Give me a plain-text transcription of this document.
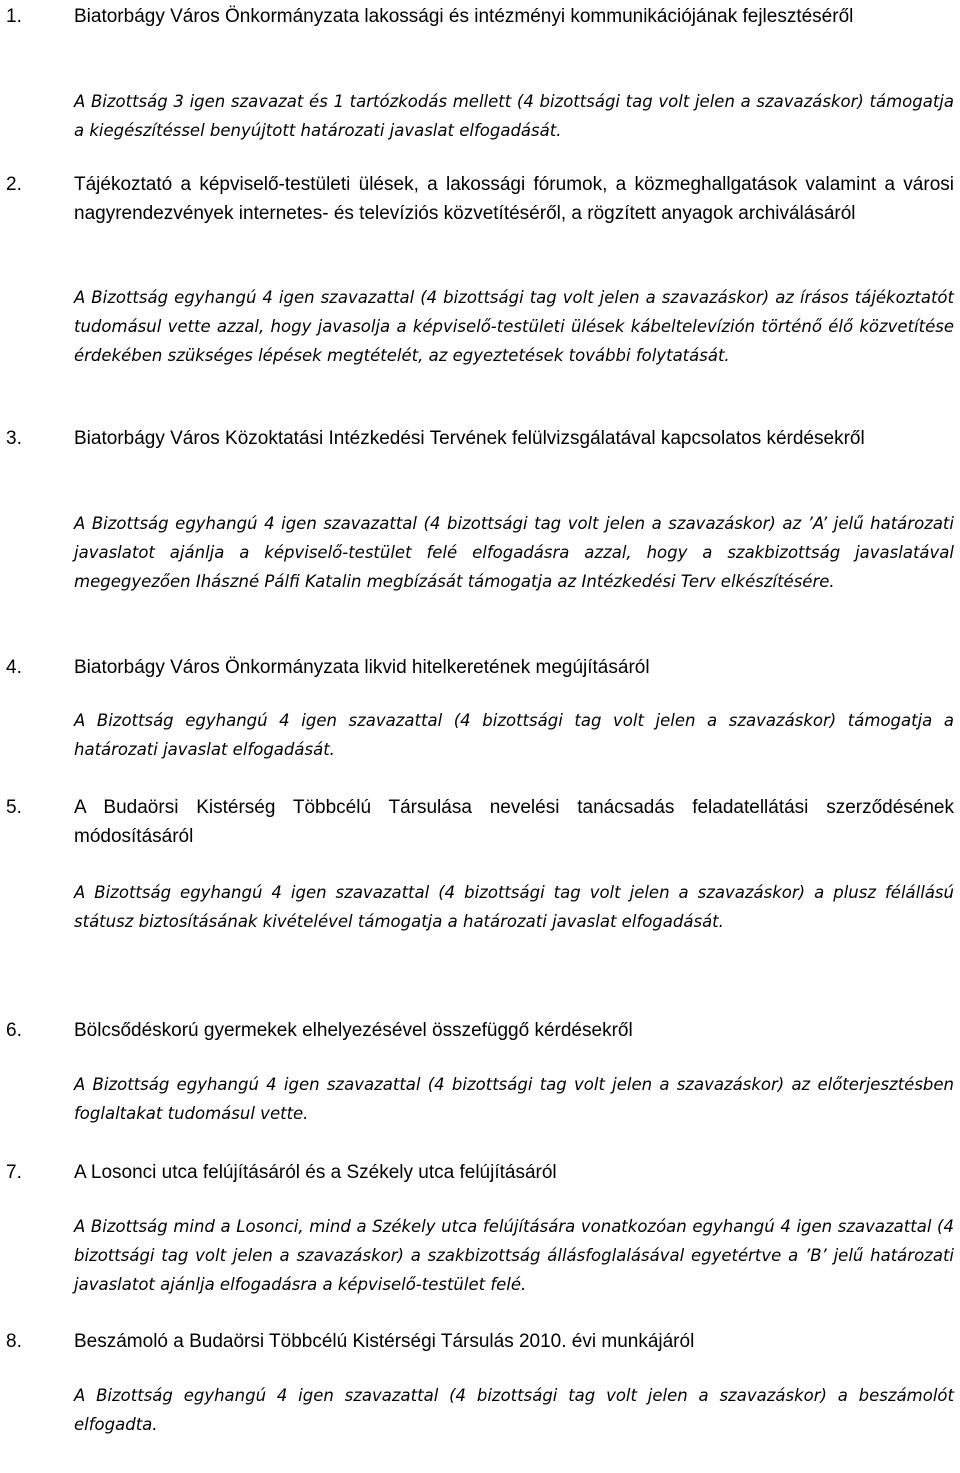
1.	Biatorbágy Város Önkormányzata lakossági és intézményi kommunikációjának fejlesztéséről
A Bizottság 3 igen szavazat és 1 tartózkodás mellett (4 bizottsági tag volt jelen a szavazáskor) támogatja a kiegészítéssel benyújtott határozati javaslat elfogadását.
2.	Tájékoztató a képviselő-testületi ülések, a lakossági fórumok, a közmeghallgatások valamint a városi nagyrendezvények internetes- és televíziós közvetítéséről, a rögzített anyagok archiválásáról
A Bizottság egyhangú 4 igen szavazattal (4 bizottsági tag volt jelen a szavazáskor) az írásos tájékoztatót tudomásul vette azzal, hogy javasolja a képviselő-testületi ülések kábeltelevízión történő élő közvetítése érdekében szükséges lépések megtételét, az egyeztetések további folytatását.
3.	Biatorbágy Város Közoktatási Intézkedési Tervének felülvizsgálatával kapcsolatos kérdésekről
A Bizottság egyhangú 4 igen szavazattal (4 bizottsági tag volt jelen a szavazáskor) az ’A’ jelű határozati javaslatot ajánlja a képviselő-testület felé elfogadásra azzal, hogy a szakbizottság javaslatával megegyezően Ihászné Pálfi Katalin megbízását támogatja az Intézkedési Terv elkészítésére.
4.	Biatorbágy Város Önkormányzata likvid hitelkeretének megújításáról
A Bizottság egyhangú 4 igen szavazattal (4 bizottsági tag volt jelen a szavazáskor) támogatja a határozati javaslat elfogadását.
5.	A Budaörsi Kistérség Többcélú Társulása nevelési tanácsadás feladatellátási szerződésének módosításáról
A Bizottság egyhangú 4 igen szavazattal (4 bizottsági tag volt jelen a szavazáskor) a plusz félállású státusz biztosításának kivételével támogatja a határozati javaslat elfogadását.
6.	Bölcsődéskorú gyermekek elhelyezésével összefüggő kérdésekről
A Bizottság egyhangú 4 igen szavazattal (4 bizottsági tag volt jelen a szavazáskor) az előterjesztésben foglaltakat tudomásul vette.
7.	A Losonci utca felújításáról és a Székely utca felújításáról
A Bizottság mind a Losonci, mind a Székely utca felújítására vonatkozóan egyhangú 4 igen szavazattal (4 bizottsági tag volt jelen a szavazáskor) a szakbizottság állásfoglalásával egyetértve a ’B’ jelű határozati javaslatot ajánlja elfogadásra a képviselő-testület felé.
8.	Beszámoló a Budaörsi Többcélú Kistérségi Társulás 2010. évi munkájáról
A Bizottság egyhangú 4 igen szavazattal (4 bizottsági tag volt jelen a szavazáskor) a beszámolót elfogadta.
